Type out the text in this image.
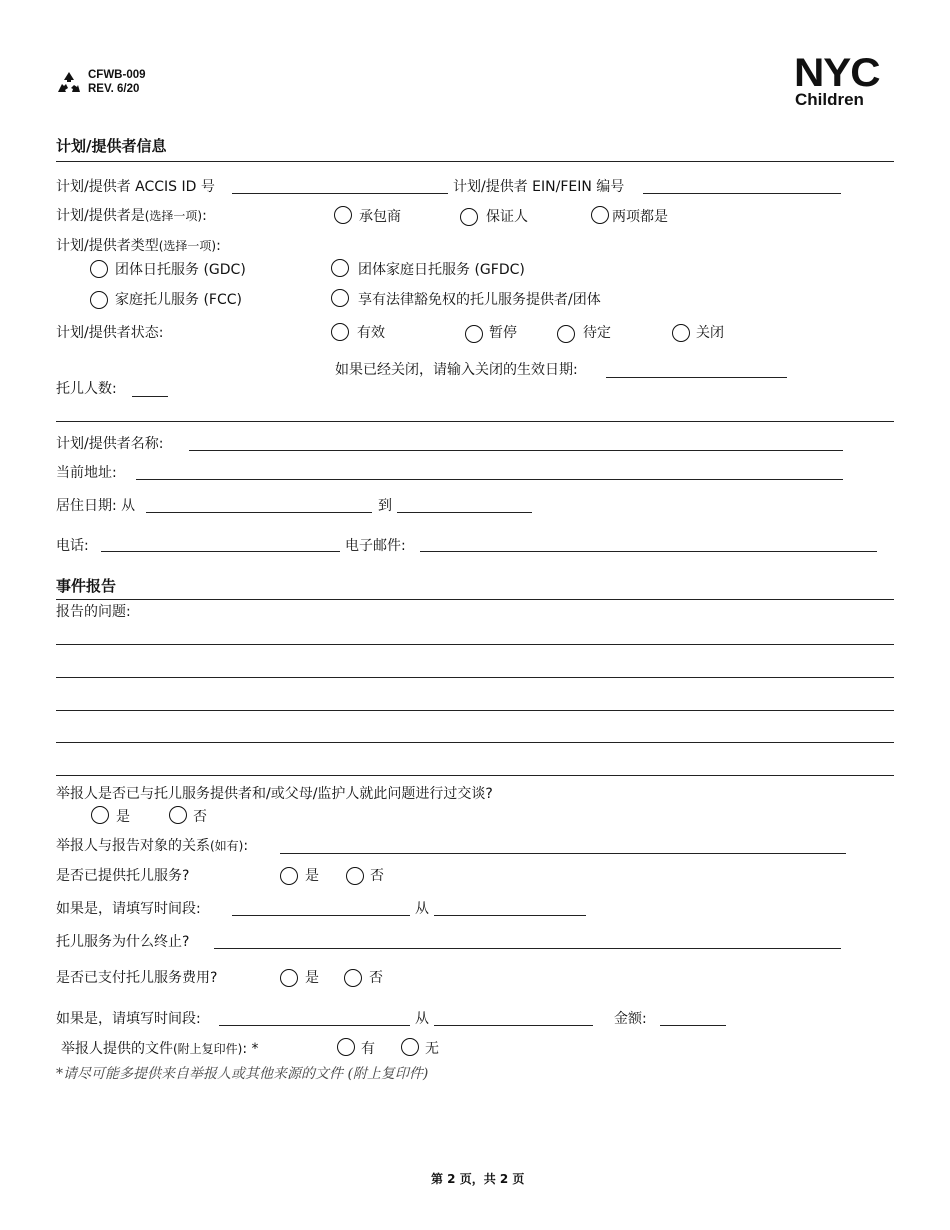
CFWB-009
REV. 6/20	NYC
Children
计划/提供者信息
计划/提供者 ACCIS ID 号	计划/提供者 EIN/FEIN 编号
计划/提供者是(选择一项):	承包商	保证人	两项都是
计划/提供者类型(选择一项):
团体日托服务 (GDC)	团体家庭日托服务 (GFDC)
家庭托儿服务 (FCC)	享有法律豁免权的托儿服务提供者/团体
计划/提供者状态:	有效	暂停	待定	关闭
如果已经关闭，请输入关闭的生效日期:
托儿人数:
计划/提供者名称:
当前地址:
居住日期: 从	到
电话:	电子邮件:
事件报告
报告的问题:
举报人是否已与托儿服务提供者和/或父母/监护人就此问题进行过交谈?
是	否
举报人与报告对象的关系(如有):
是否已提供托儿服务?	是	否
如果是，请填写时间段:	从
托儿服务为什么终止?
是否已支付托儿服务费用?	是	否
如果是，请填写时间段:	从	金额:
举报人提供的文件(附上复印件): *	有	无
*请尽可能多提供来自举报人或其他来源的文件 (附上复印件)
第 2 页，共 2 页
